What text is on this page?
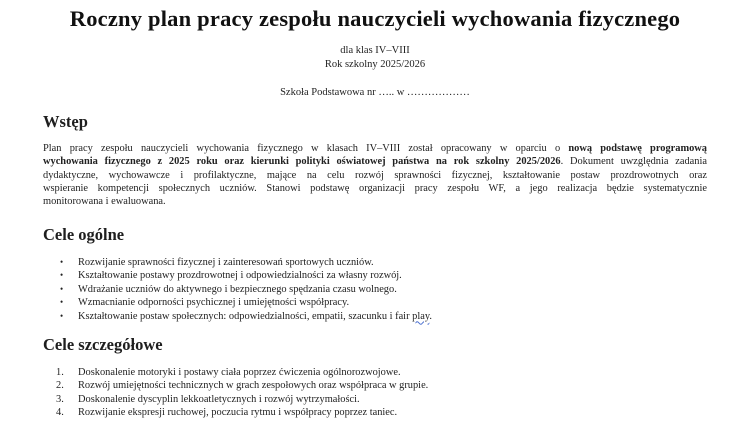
Roczny plan pracy zespołu nauczycieli wychowania fizycznego
dla klas IV–VIII
Rok szkolny 2025/2026
Szkoła Podstawowa nr ….. w ………………
Wstęp
Plan pracy zespołu nauczycieli wychowania fizycznego w klasach IV–VIII został opracowany w oparciu o nową podstawę programową
wychowania fizycznego z 2025 roku oraz kierunki polityki oświatowej państwa na rok szkolny 2025/2026. Dokument uwzględnia zadania
dydaktyczne, wychowawcze i profilaktyczne, mające na celu rozwój sprawności fizycznej, kształtowanie postaw prozdrowotnych oraz
wspieranie kompetencji społecznych uczniów. Stanowi podstawę organizacji pracy zespołu WF, a jego realizacja będzie systematycznie
monitorowana i ewaluowana.
Cele ogólne
• Rozwijanie sprawności fizycznej i zainteresowań sportowych uczniów.
• Kształtowanie postawy prozdrowotnej i odpowiedzialności za własny rozwój.
• Wdrażanie uczniów do aktywnego i bezpiecznego spędzania czasu wolnego.
• Wzmacnianie odporności psychicznej i umiejętności współpracy.
• Kształtowanie postaw społecznych: odpowiedzialności, empatii, szacunku i fair play.
Cele szczegółowe
1. Doskonalenie motoryki i postawy ciała poprzez ćwiczenia ogólnorozwojowe.
2. Rozwój umiejętności technicznych w grach zespołowych oraz współpraca w grupie.
3. Doskonalenie dyscyplin lekkoatletycznych i rozwój wytrzymałości.
4. Rozwijanie ekspresji ruchowej, poczucia rytmu i współpracy poprzez taniec.
